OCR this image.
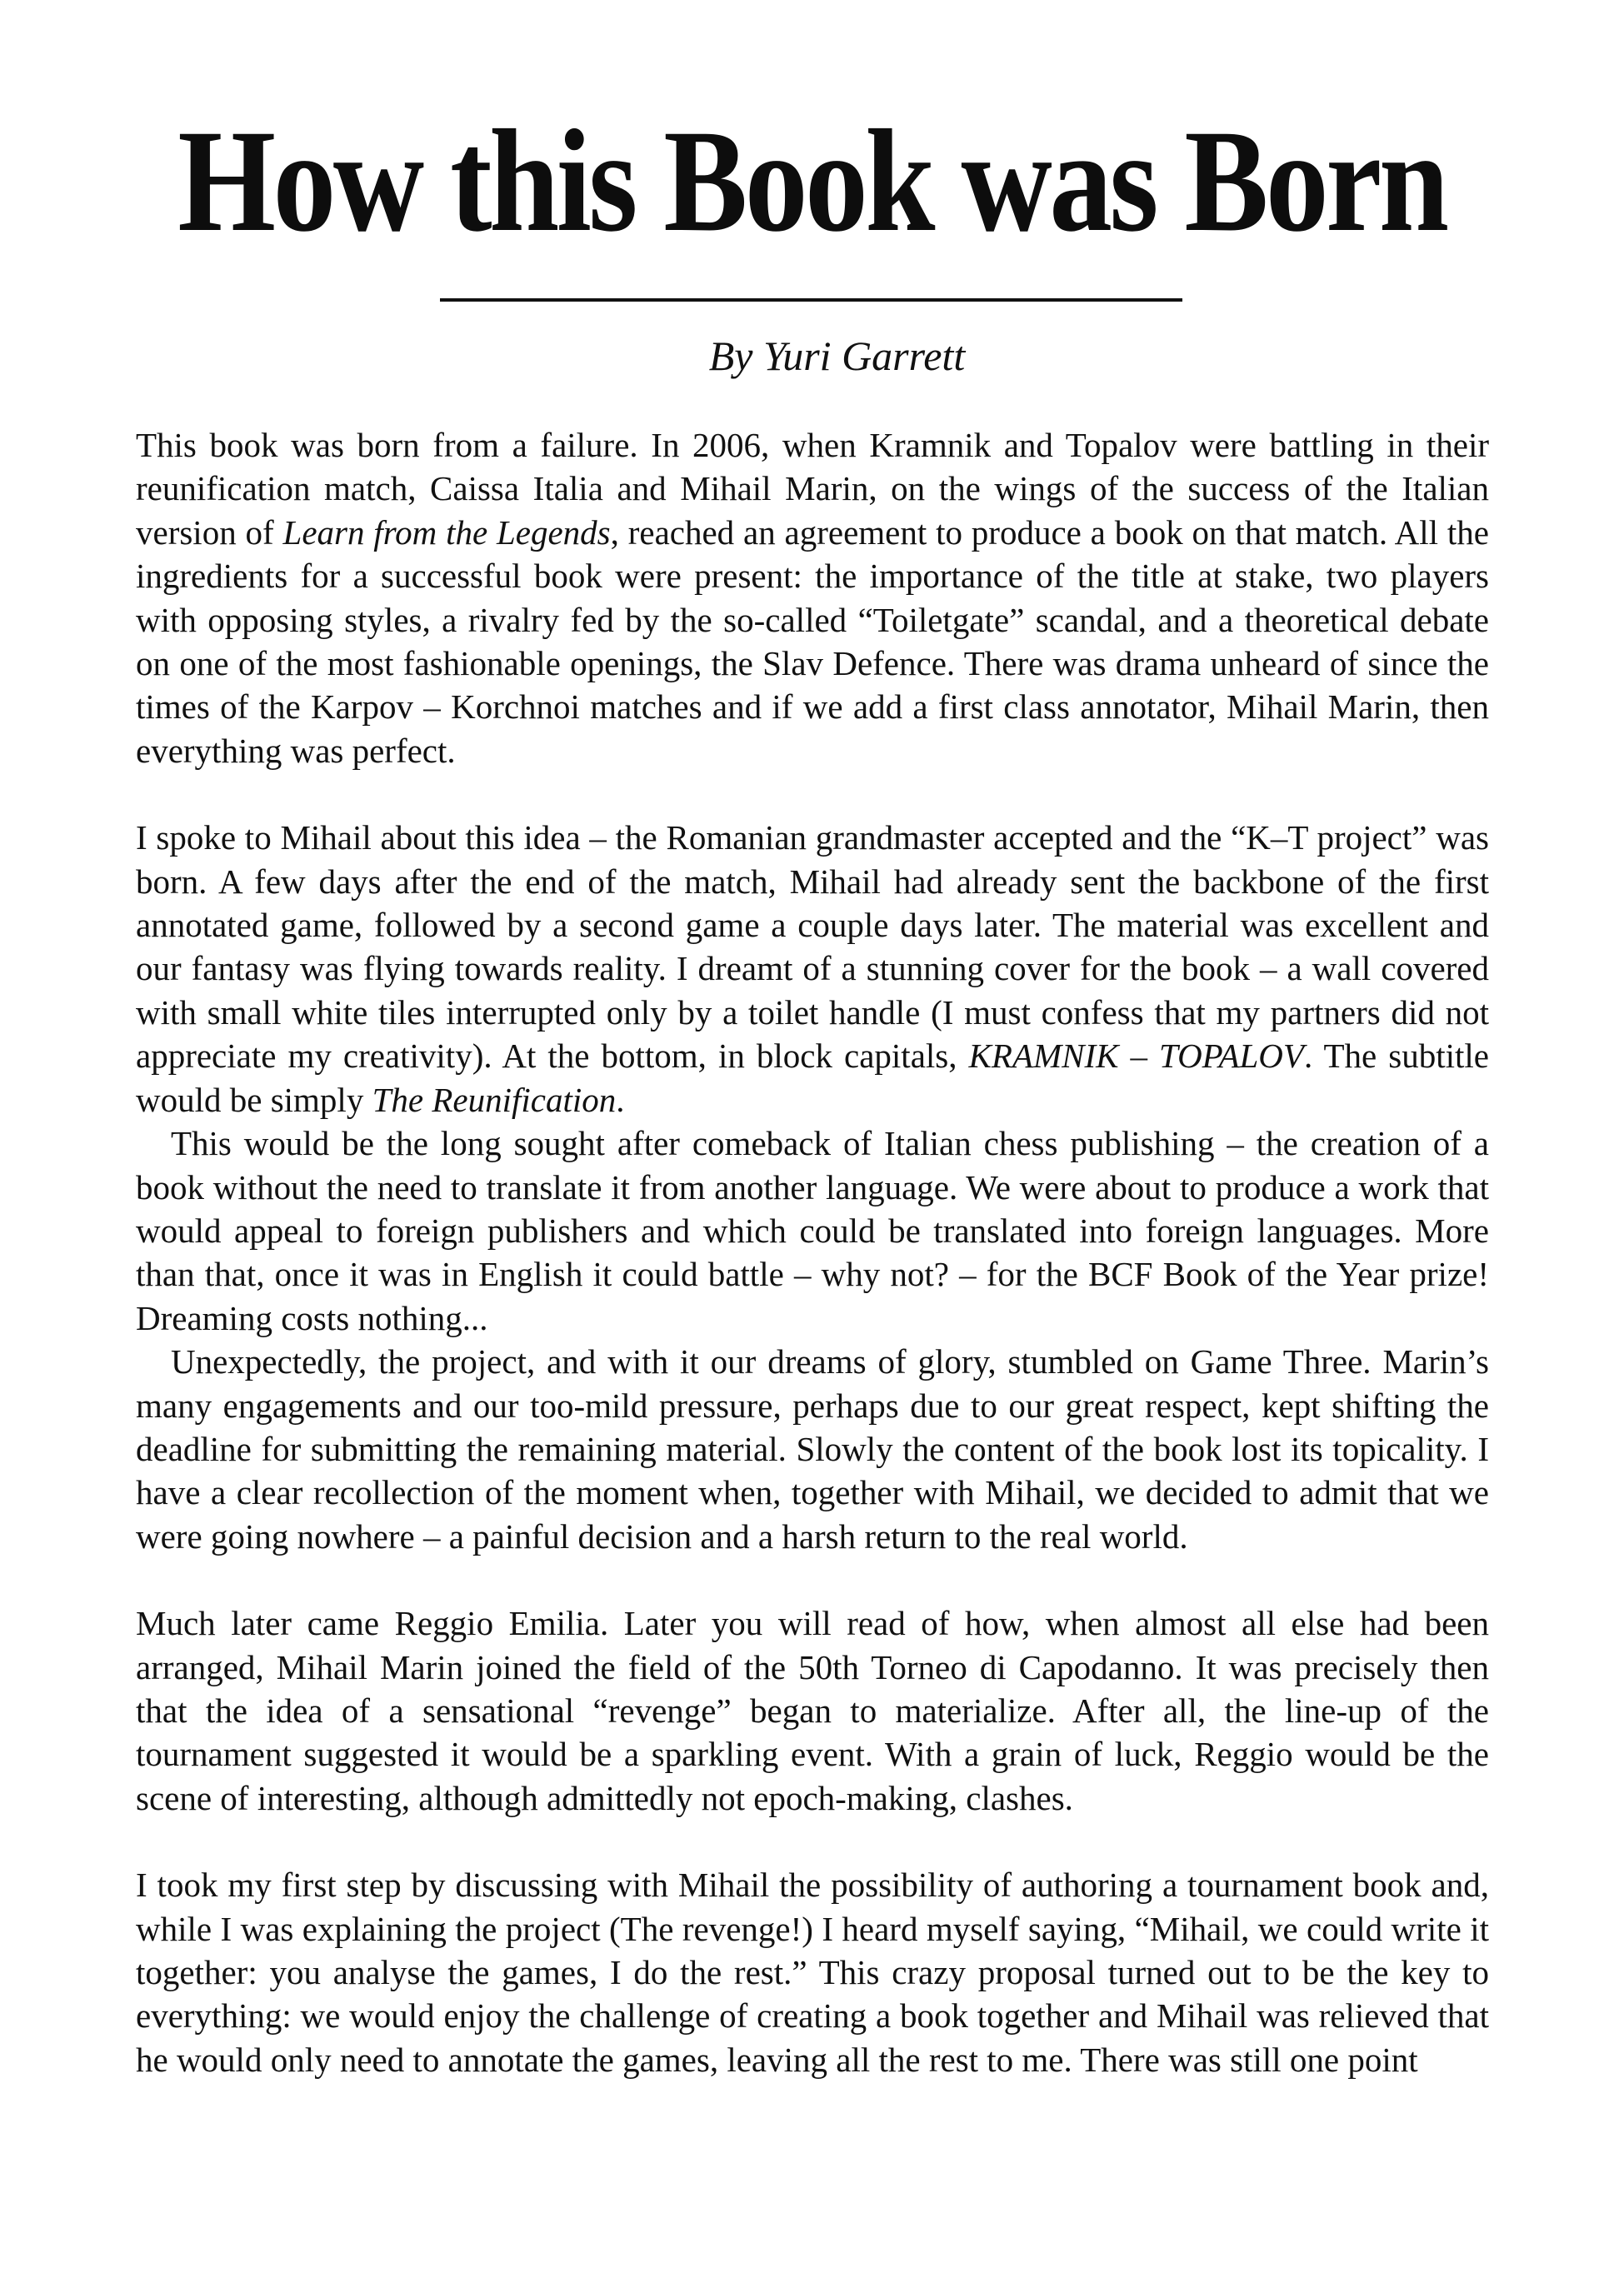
How this Book was Born

By Yuri Garrett

This book was born from a failure. In 2006, when Kramnik and Topalov were battling in their reunification match, Caissa Italia and Mihail Marin, on the wings of the success of the Italian version of Learn from the Legends, reached an agreement to produce a book on that match. All the ingredients for a successful book were present: the importance of the title at stake, two players with opposing styles, a rivalry fed by the so-called “Toiletgate” scandal, and a theoretical debate on one of the most fashionable openings, the Slav Defence. There was drama unheard of since the times of the Karpov – Korchnoi matches and if we add a first class annotator, Mihail Marin, then everything was perfect.

I spoke to Mihail about this idea – the Romanian grandmaster accepted and the “K–T project” was born. A few days after the end of the match, Mihail had already sent the backbone of the first annotated game, followed by a second game a couple days later. The material was excellent and our fantasy was flying towards reality. I dreamt of a stunning cover for the book – a wall covered with small white tiles interrupted only by a toilet handle (I must confess that my partners did not appreciate my creativity). At the bottom, in block capitals, KRAMNIK – TOPALOV. The subtitle would be simply The Reunification.

This would be the long sought after comeback of Italian chess publishing – the creation of a book without the need to translate it from another language. We were about to produce a work that would appeal to foreign publishers and which could be translated into foreign languages. More than that, once it was in English it could battle – why not? – for the BCF Book of the Year prize! Dreaming costs nothing...

Unexpectedly, the project, and with it our dreams of glory, stumbled on Game Three. Marin’s many engagements and our too-mild pressure, perhaps due to our great respect, kept shifting the deadline for submitting the remaining material. Slowly the content of the book lost its topicality. I have a clear recollection of the moment when, together with Mihail, we decided to admit that we were going nowhere – a painful decision and a harsh return to the real world.

Much later came Reggio Emilia. Later you will read of how, when almost all else had been arranged, Mihail Marin joined the field of the 50th Torneo di Capodanno. It was precisely then that the idea of a sensational “revenge” began to materialize. After all, the line-up of the tournament suggested it would be a sparkling event. With a grain of luck, Reggio would be the scene of interesting, although admittedly not epoch-making, clashes.

I took my first step by discussing with Mihail the possibility of authoring a tournament book and, while I was explaining the project (The revenge!) I heard myself saying, “Mihail, we could write it together: you analyse the games, I do the rest.” This crazy proposal turned out to be the key to everything: we would enjoy the challenge of creating a book together and Mihail was relieved that he would only need to annotate the games, leaving all the rest to me. There was still one point
